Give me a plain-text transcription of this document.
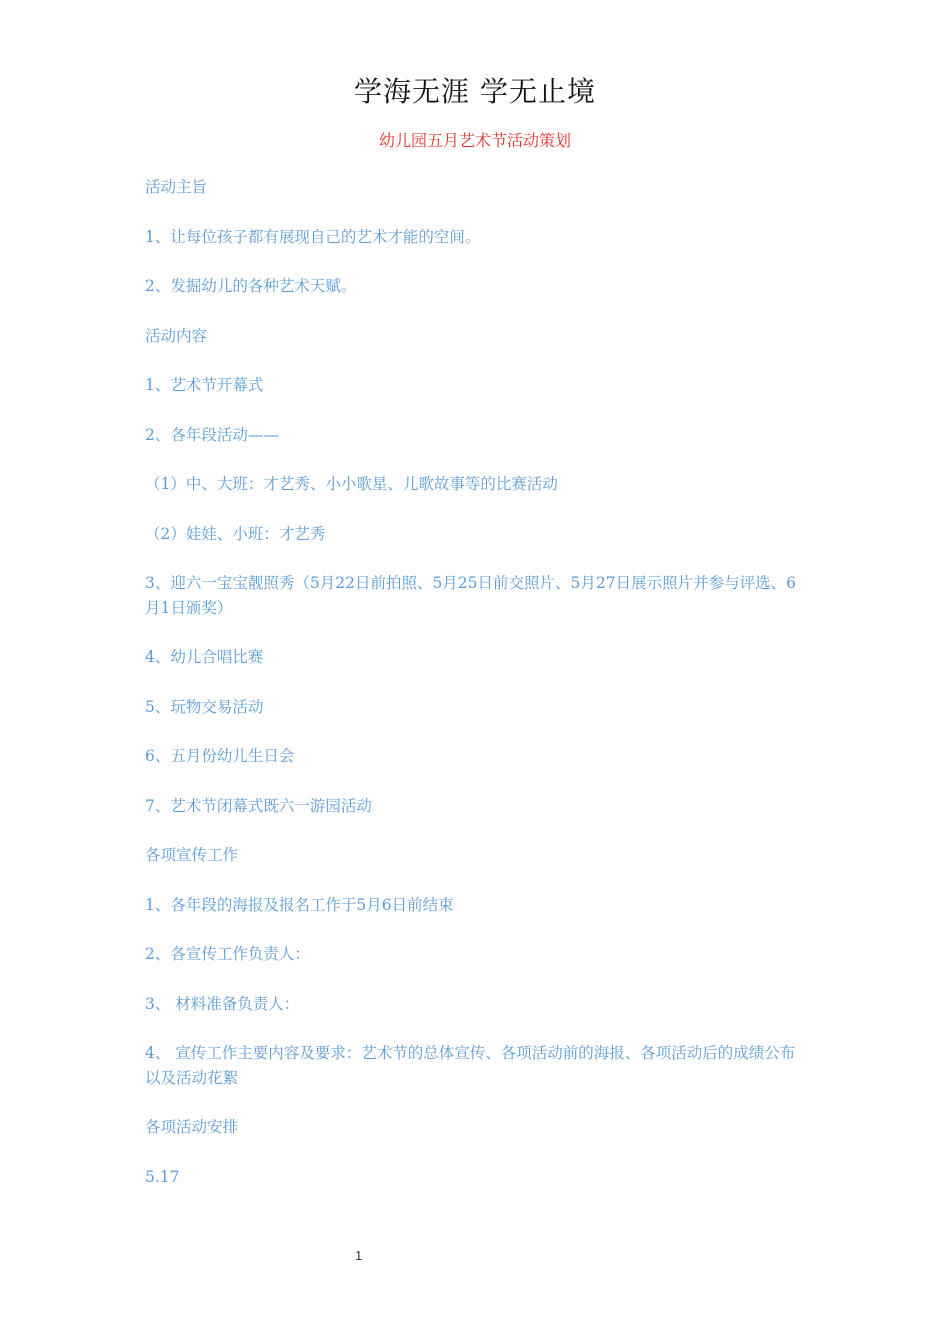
学海无涯 学无止境
幼儿园五月艺术节活动策划

活动主旨

1、让每位孩子都有展现自己的艺术才能的空间。

2、发掘幼儿的各种艺术天赋。

活动内容

1、艺术节开幕式

2、各年段活动——

（1）中、大班：才艺秀、小小歌星、儿歌故事等的比赛活动

（2）娃娃、小班：才艺秀

3、迎六一宝宝靓照秀（5月22日前拍照、5月25日前交照片、5月27日展示照片并参与评选、6月1日颁奖）

4、幼儿合唱比赛

5、玩物交易活动

6、五月份幼儿生日会

7、艺术节闭幕式既六一游园活动

各项宣传工作

1、各年段的海报及报名工作于5月6日前结束

2、各宣传工作负责人：

3、 材料准备负责人：

4、 宣传工作主要内容及要求：艺术节的总体宣传、各项活动前的海报、各项活动后的成绩公布以及活动花絮

各项活动安排

5.17

1
